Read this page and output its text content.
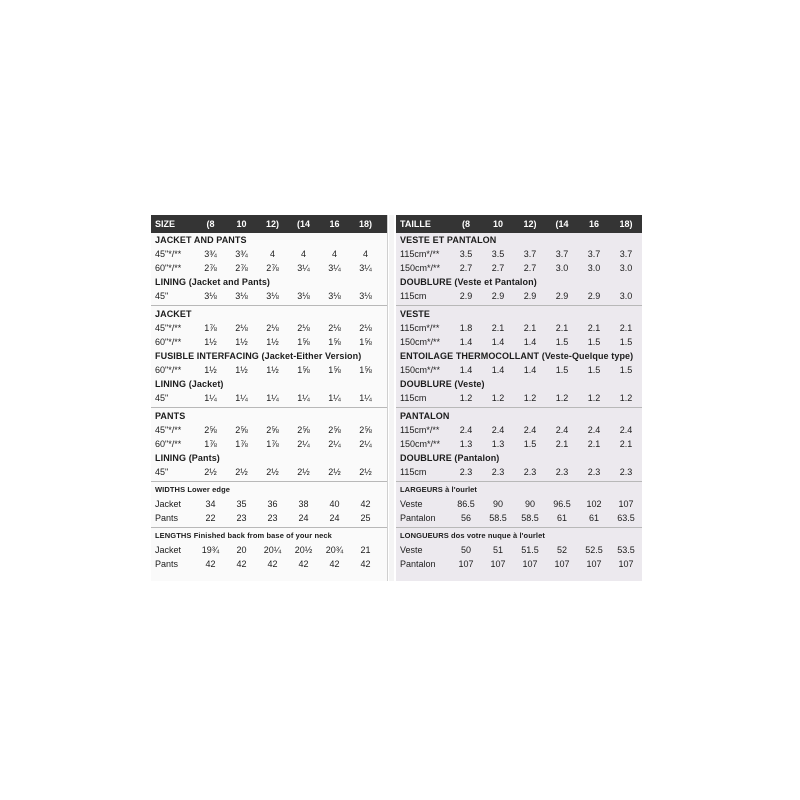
SIZE	(8	10	12)	(14	16	18)
JACKET AND PANTS
45"*/**	3¾	3¾	4	4	4	4
60"*/**	2⅞	2⅞	2⅞	3¼	3¼	3¼
LINING (Jacket and Pants)
45"	3⅛	3⅛	3⅛	3⅛	3⅛	3⅛
JACKET
45"*/**	1⅞	2⅛	2⅛	2⅛	2⅛	2⅛
60"*/**	1½	1½	1½	1⅝	1⅝	1⅝
FUSIBLE INTERFACING (Jacket-Either Version)
60"*/**	1½	1½	1½	1⅝	1⅝	1⅝
LINING (Jacket)
45"	1¼	1¼	1¼	1¼	1¼	1¼
PANTS
45"*/**	2⅝	2⅝	2⅝	2⅝	2⅝	2⅝
60"*/**	1⅞	1⅞	1⅞	2¼	2¼	2¼
LINING (Pants)
45"	2½	2½	2½	2½	2½	2½
WIDTHS Lower edge
Jacket	34	35	36	38	40	42
Pants	22	23	23	24	24	25
LENGTHS Finished back from base of your neck
Jacket	19¾	20	20¼	20½	20¾	21
Pants	42	42	42	42	42	42
TAILLE	(8	10	12)	(14	16	18)
VESTE ET PANTALON
115cm*/**	3.5	3.5	3.7	3.7	3.7	3.7
150cm*/**	2.7	2.7	2.7	3.0	3.0	3.0
DOUBLURE (Veste et Pantalon)
115cm	2.9	2.9	2.9	2.9	2.9	3.0
VESTE
115cm*/**	1.8	2.1	2.1	2.1	2.1	2.1
150cm*/**	1.4	1.4	1.4	1.5	1.5	1.5
ENTOILAGE THERMOCOLLANT (Veste-Quelque type)
150cm*/**	1.4	1.4	1.4	1.5	1.5	1.5
DOUBLURE (Veste)
115cm	1.2	1.2	1.2	1.2	1.2	1.2
PANTALON
115cm*/**	2.4	2.4	2.4	2.4	2.4	2.4
150cm*/**	1.3	1.3	1.5	2.1	2.1	2.1
DOUBLURE (Pantalon)
115cm	2.3	2.3	2.3	2.3	2.3	2.3
LARGEURS à l'ourlet
Veste	86.5	90	90	96.5	102	107
Pantalon	56	58.5	58.5	61	61	63.5
LONGUEURS dos votre nuque à l'ourlet
Veste	50	51	51.5	52	52.5	53.5
Pantalon	107	107	107	107	107	107
